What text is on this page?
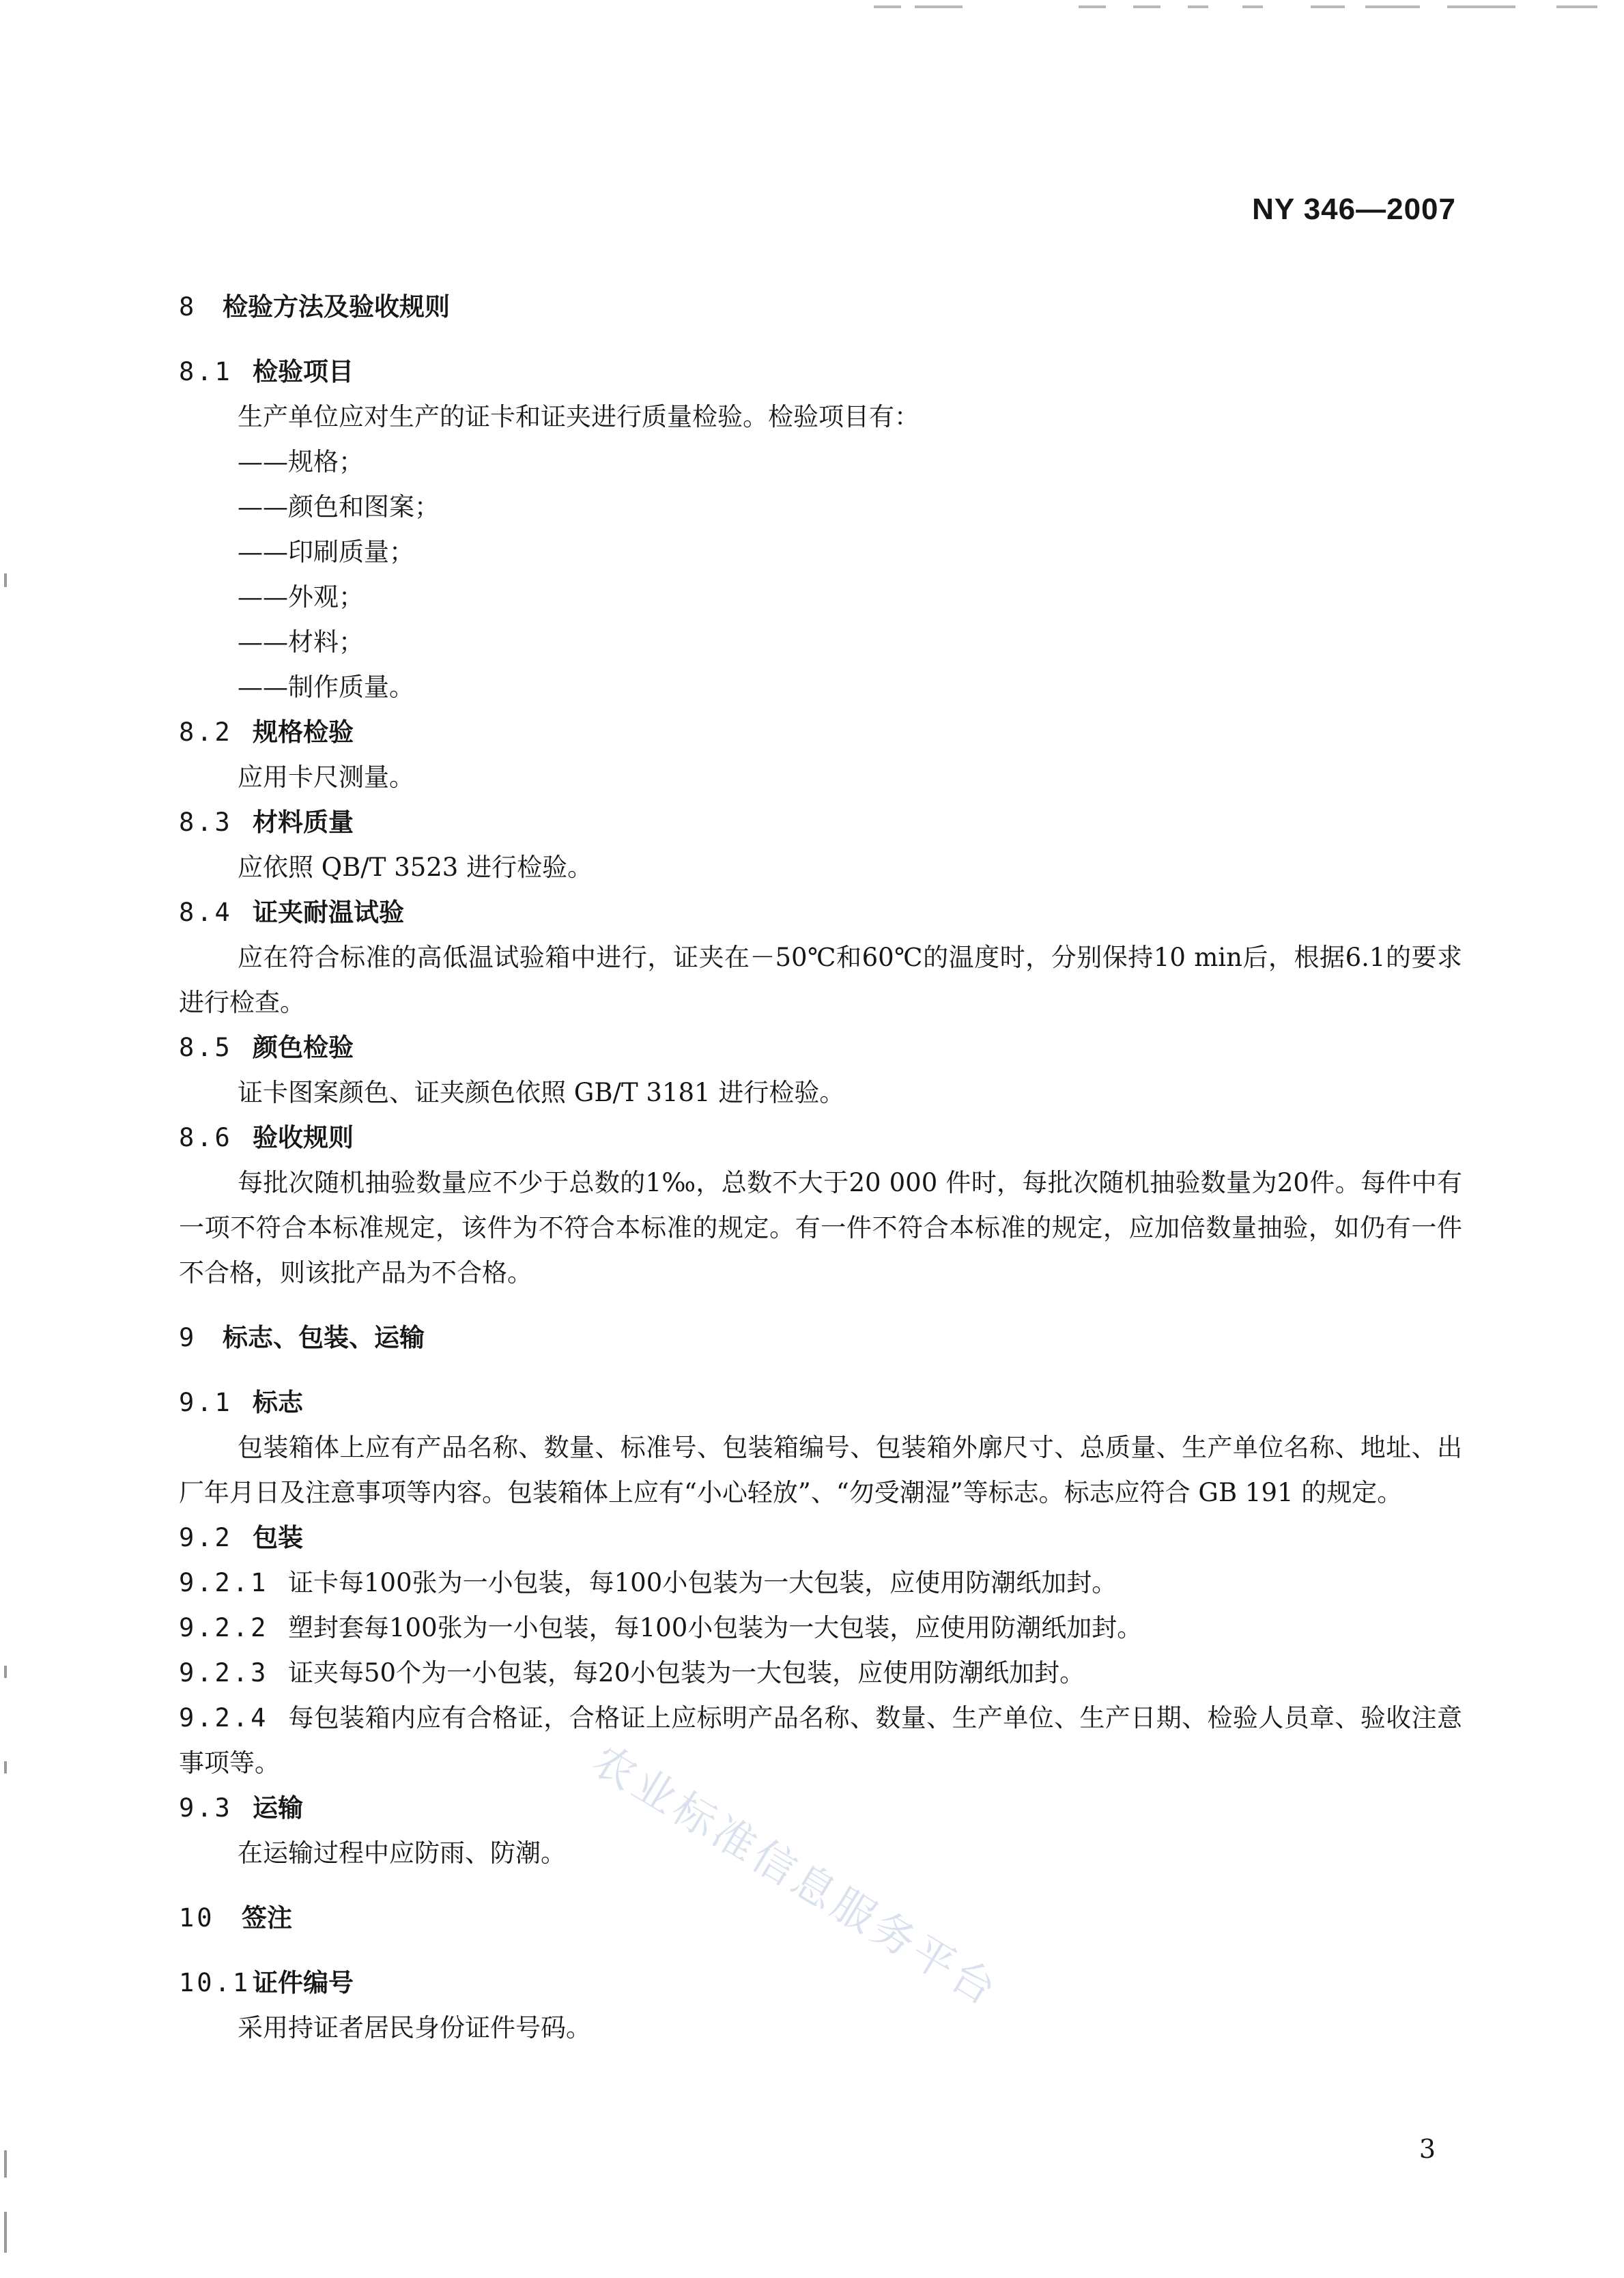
NY 346—2007
8 检验方法及验收规则
8.1 检验项目
生产单位应对生产的证卡和证夹进行质量检验。检验项目有：
——规格；
——颜色和图案；
——印刷质量；
——外观；
——材料；
——制作质量。
8.2 规格检验
应用卡尺测量。
8.3 材料质量
应依照 QB/T 3523 进行检验。
8.4 证夹耐温试验
应在符合标准的高低温试验箱中进行，证夹在－50℃和60℃的温度时，分别保持10 min后，根据6.1的要求进行检查。
8.5 颜色检验
证卡图案颜色、证夹颜色依照 GB/T 3181 进行检验。
8.6 验收规则
每批次随机抽验数量应不少于总数的1‰，总数不大于20 000 件时，每批次随机抽验数量为20件。每件中有一项不符合本标准规定，该件为不符合本标准的规定。有一件不符合本标准的规定，应加倍数量抽验，如仍有一件不合格，则该批产品为不合格。
9 标志、包装、运输
9.1 标志
包装箱体上应有产品名称、数量、标准号、包装箱编号、包装箱外廓尺寸、总质量、生产单位名称、地址、出厂年月日及注意事项等内容。包装箱体上应有“小心轻放”、“勿受潮湿”等标志。标志应符合 GB 191 的规定。
9.2 包装
9.2.1 证卡每100张为一小包装，每100小包装为一大包装，应使用防潮纸加封。
9.2.2 塑封套每100张为一小包装，每100小包装为一大包装，应使用防潮纸加封。
9.2.3 证夹每50个为一小包装，每20小包装为一大包装，应使用防潮纸加封。
9.2.4 每包装箱内应有合格证，合格证上应标明产品名称、数量、生产单位、生产日期、检验人员章、验收注意事项等。
9.3 运输
在运输过程中应防雨、防潮。
10 签注
10.1证件编号
采用持证者居民身份证件号码。
农业标准信息服务平台
3
